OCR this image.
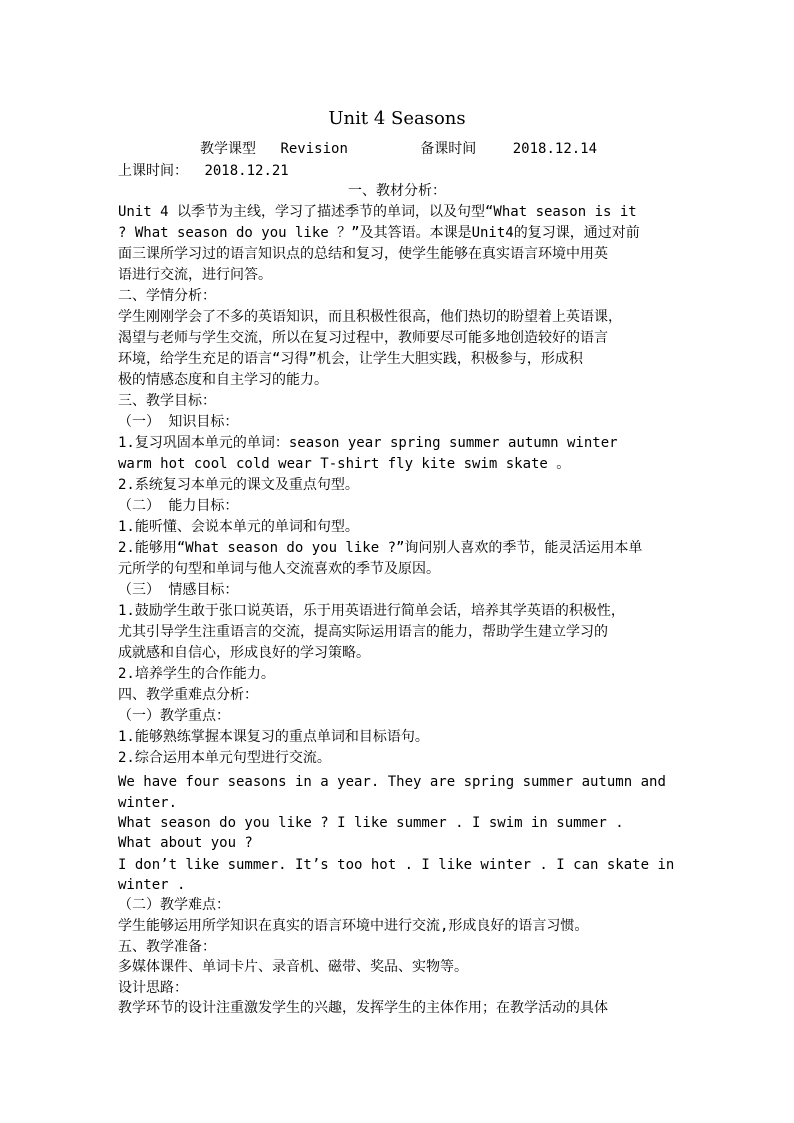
Unit 4 Seasons
教学课型 Revision	备课时间	2018.12.14
上课时间： 2018.12.21
一、教材分析：
Unit 4 以季节为主线，学习了描述季节的单词，以及句型“What season is it
? What season do you like ？”及其答语。本课是Unit4的复习课，通过对前
面三课所学习过的语言知识点的总结和复习，使学生能够在真实语言环境中用英
语进行交流，进行问答。
二、学情分析：
学生刚刚学会了不多的英语知识，而且积极性很高，他们热切的盼望着上英语课，
渴望与老师与学生交流，所以在复习过程中，教师要尽可能多地创造较好的语言
环境，给学生充足的语言“习得”机会，让学生大胆实践，积极参与，形成积
极的情感态度和自主学习的能力。
三、教学目标：
（一） 知识目标：
1.复习巩固本单元的单词：season year spring summer autumn winter
warm hot cool cold wear T-shirt fly kite swim skate 。
2.系统复习本单元的课文及重点句型。
（二） 能力目标：
1.能听懂、会说本单元的单词和句型。
2.能够用“What season do you like ?”询问别人喜欢的季节，能灵活运用本单
元所学的句型和单词与他人交流喜欢的季节及原因。
（三） 情感目标：
1.鼓励学生敢于张口说英语，乐于用英语进行简单会话，培养其学英语的积极性，
尤其引导学生注重语言的交流，提高实际运用语言的能力，帮助学生建立学习的
成就感和自信心，形成良好的学习策略。
2.培养学生的合作能力。
四、教学重难点分析：
（一）教学重点：
1.能够熟练掌握本课复习的重点单词和目标语句。
2.综合运用本单元句型进行交流。
We have four seasons in a year. They are spring summer autumn and
winter.
What season do you like ? I like summer . I swim in summer .
What about you ?
I don’t like summer. It’s too hot . I like winter . I can skate in
winter .
（二）教学难点：
学生能够运用所学知识在真实的语言环境中进行交流,形成良好的语言习惯。
五、教学准备：
多媒体课件、单词卡片、录音机、磁带、奖品、实物等。
设计思路：
教学环节的设计注重激发学生的兴趣，发挥学生的主体作用；在教学活动的具体
